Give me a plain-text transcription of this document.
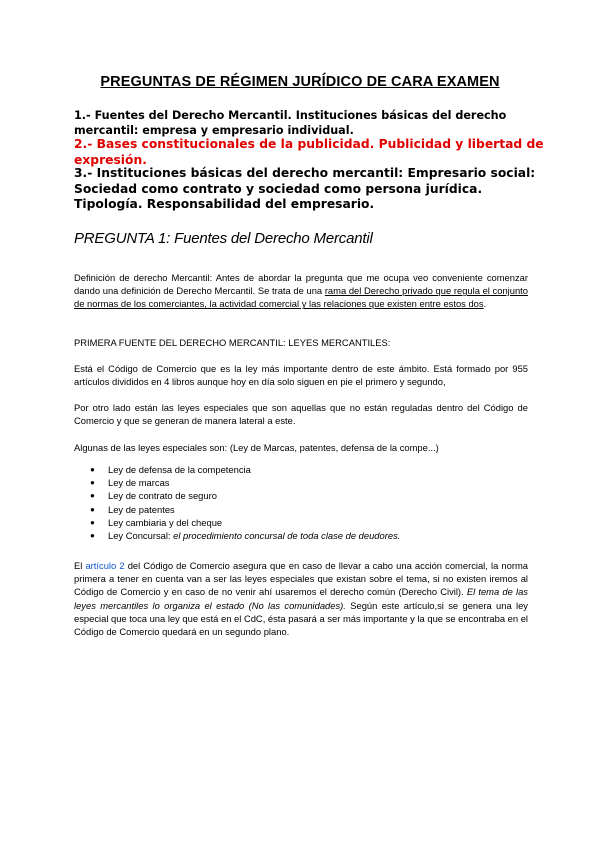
PREGUNTAS DE RÉGIMEN JURÍDICO DE CARA EXAMEN
1.- Fuentes del Derecho Mercantil. Instituciones básicas del derecho mercantil: empresa y empresario individual.
2.- Bases constitucionales de la publicidad. Publicidad y libertad de expresión.
3.- Instituciones básicas del derecho mercantil: Empresario social: Sociedad como contrato y sociedad como persona jurídica. Tipología. Responsabilidad del empresario.
PREGUNTA 1: Fuentes del Derecho Mercantil
Definición de derecho Mercantil: Antes de abordar la pregunta que me ocupa veo conveniente comenzar dando una definición de Derecho Mercantil. Se trata de una rama del Derecho privado que regula el conjunto de normas de los comerciantes, la actividad comercial y las relaciones que existen entre estos dos.
PRIMERA FUENTE DEL DERECHO MERCANTIL: LEYES MERCANTILES:
Está el Código de Comercio que es la ley más importante dentro de este ámbito. Está formado por 955 artículos divididos en 4 libros aunque hoy en día solo siguen en pie el primero y segundo,
Por otro lado están las leyes especiales que son aquellas que no están reguladas dentro del Código de Comercio y que se generan de manera lateral a este.
Algunas de las leyes especiales son: (Ley de Marcas, patentes, defensa de la compe...)
● Ley de defensa de la competencia
● Ley de marcas
● Ley de contrato de seguro
● Ley de patentes
● Ley cambiaria y del cheque
● Ley Concursal: el procedimiento concursal de toda clase de deudores.
El artículo 2 del Código de Comercio asegura que en caso de llevar a cabo una acción comercial, la norma primera a tener en cuenta van a ser las leyes especiales que existan sobre el tema, si no existen iremos al Código de Comercio y en caso de no venir ahí usaremos el derecho común (Derecho Civil). El tema de las leyes mercantiles lo organiza el estado (No las comunidades). Según este artículo,si se genera una ley especial que toca una ley que está en el CdC, ésta pasará a ser más importante y la que se encontraba en el Código de Comercio quedará en un segundo plano.
